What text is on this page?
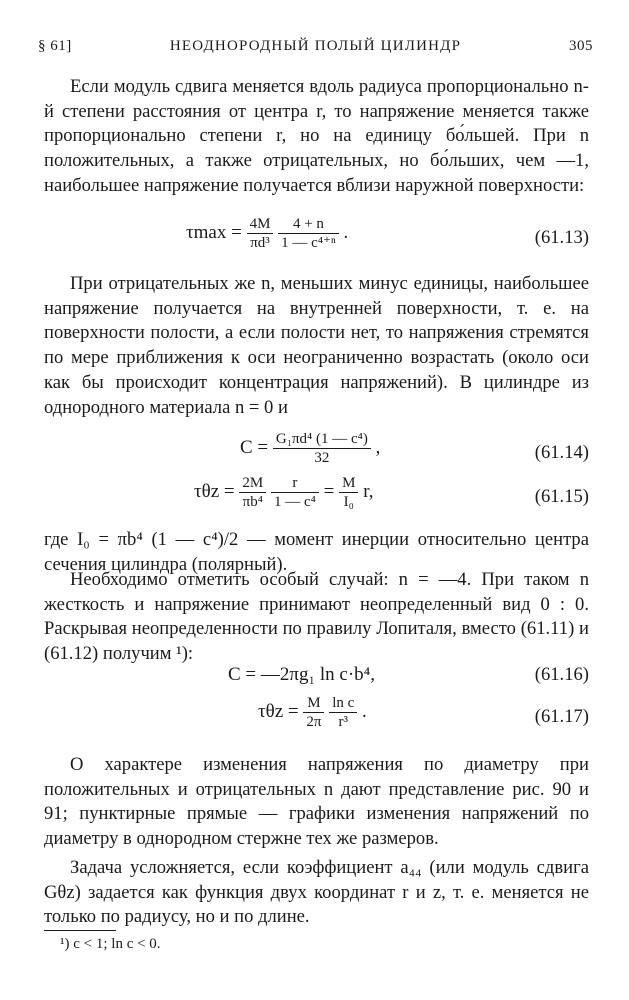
§ 61]	НЕОДНОРОДНЫЙ ПОЛЫЙ ЦИЛИНДР	305

Если модуль сдвига меняется вдоль радиуса пропорционально n-й степени расстояния от центра r, то напряжение меняется также пропорционально степени r, но на единицу бо́льшей. При n положительных, а также отрицательных, но бо́льших, чем —1, наибольшее напряжение получается вблизи наружной поверхности:

$\tau\max = \frac{4M}{\text{πd³}}$
$\frac{4 + n}{\text{1 — c⁴⁺ⁿ}}$ .	(61.13)

При отрицательных же n, меньших минус единицы, наибольшее напряжение получается на внутренней поверхности, т. е. на поверхности полости, а если полости нет, то напряжения стремятся по мере приближения к оси неограниченно возрастать (около оси как бы происходит концентрация напряжений). В цилиндре из однородного материала n = 0 и

$C = \frac{\text{G₁πd⁴ (1 — c⁴)}}{32}$ ,	(61.14)
$\tau\theta z = \frac{2M}{\text{πb⁴}}$
$\frac{r}{\text{1 — c⁴}} = \frac{M}{\text{I₀}} r$,	(61.15)

где I₀ = πb⁴ (1 — c⁴)/2 — момент инерции относительно центра сечения цилиндра (полярный).

Необходимо отметить особый случай: n = —4. При таком n жесткость и напряжение принимают неопределенный вид 0 : 0. Раскрывая неопределенности по правилу Лопиталя, вместо (61.11) и (61.12) получим ¹):

C = —2πg₁ ln c·b⁴,	(61.16)
$\tau\theta z = \frac{M}{2\pi}$
$\frac{\text{ln c}}{\text{r³}}$ .	(61.17)

О характере изменения напряжения по диаметру при положительных и отрицательных n дают представление рис. 90 и 91; пунктирные прямые — графики изменения напряжений по диаметру в однородном стержне тех же размеров.

Задача усложняется, если коэффициент a₄₄ (или модуль сдвига Gθz) задается как функция двух координат r и z, т. е. меняется не только по радиусу, но и по длине.

¹) c < 1; ln c < 0.
